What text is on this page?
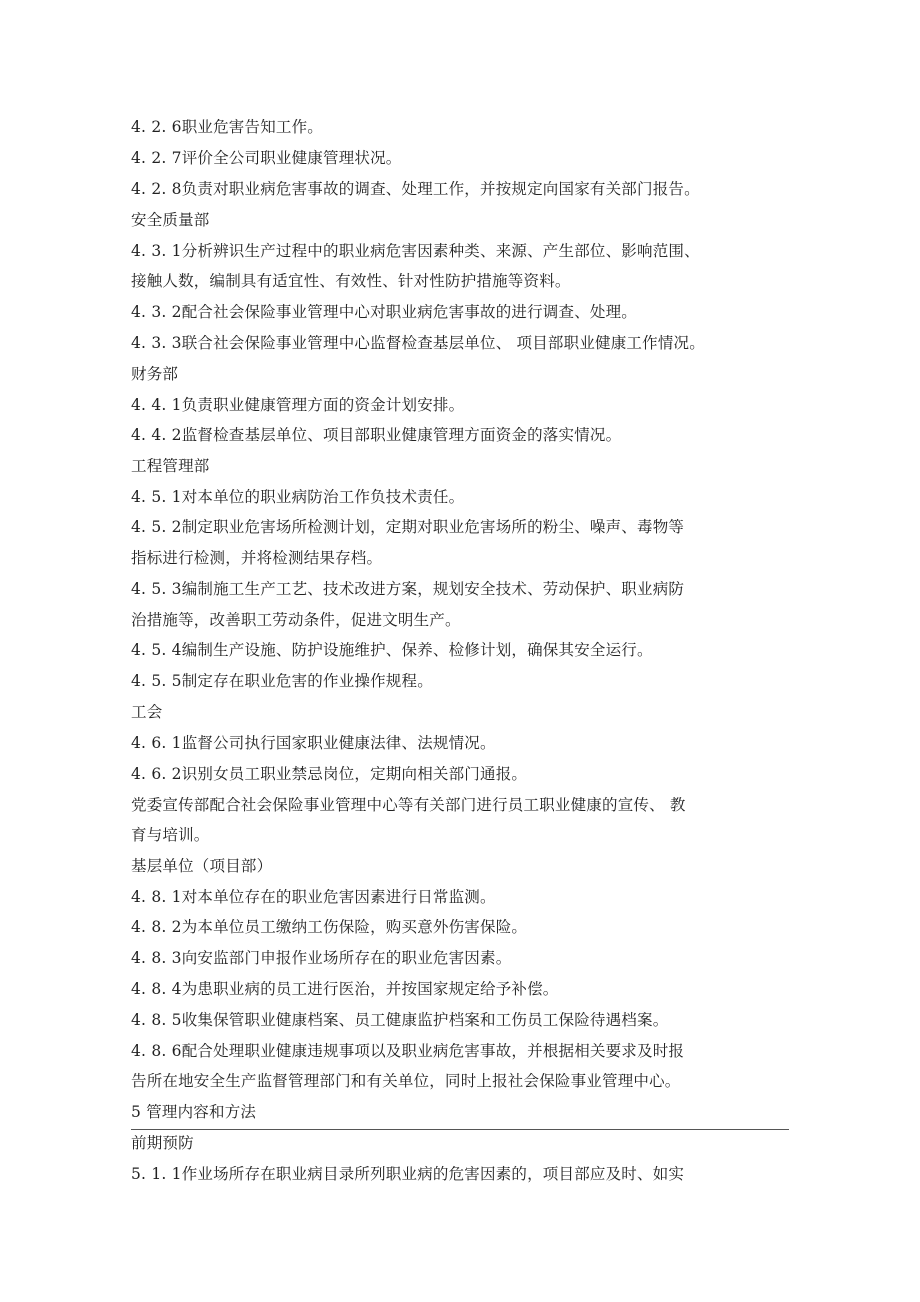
4. 2. 6职业危害告知工作。
4. 2. 7评价全公司职业健康管理状况。
4. 2. 8负责对职业病危害事故的调查、处理工作，并按规定向国家有关部门报告。
安全质量部
4. 3. 1分析辨识生产过程中的职业病危害因素种类、来源、产生部位、影响范围、
接触人数，编制具有适宜性、有效性、针对性防护措施等资料。
4. 3. 2配合社会保险事业管理中心对职业病危害事故的进行调查、处理。
4. 3. 3联合社会保险事业管理中心监督检查基层单位、 项目部职业健康工作情况。
财务部
4. 4. 1负责职业健康管理方面的资金计划安排。
4. 4. 2监督检查基层单位、项目部职业健康管理方面资金的落实情况。
工程管理部
4. 5. 1对本单位的职业病防治工作负技术责任。
4. 5. 2制定职业危害场所检测计划，定期对职业危害场所的粉尘、噪声、毒物等
指标进行检测，并将检测结果存档。
4. 5. 3编制施工生产工艺、技术改进方案，规划安全技术、劳动保护、职业病防
治措施等，改善职工劳动条件，促进文明生产。
4. 5. 4编制生产设施、防护设施维护、保养、检修计划，确保其安全运行。
4. 5. 5制定存在职业危害的作业操作规程。
工会
4. 6. 1监督公司执行国家职业健康法律、法规情况。
4. 6. 2识别女员工职业禁忌岗位，定期向相关部门通报。
党委宣传部配合社会保险事业管理中心等有关部门进行员工职业健康的宣传、 教
育与培训。
基层单位（项目部）
4. 8. 1对本单位存在的职业危害因素进行日常监测。
4. 8. 2为本单位员工缴纳工伤保险，购买意外伤害保险。
4. 8. 3向安监部门申报作业场所存在的职业危害因素。
4. 8. 4为患职业病的员工进行医治，并按国家规定给予补偿。
4. 8. 5收集保管职业健康档案、员工健康监护档案和工伤员工保险待遇档案。
4. 8. 6配合处理职业健康违规事项以及职业病危害事故，并根据相关要求及时报
告所在地安全生产监督管理部门和有关单位，同时上报社会保险事业管理中心。
5 管理内容和方法
前期预防
5. 1. 1作业场所存在职业病目录所列职业病的危害因素的，项目部应及时、如实
